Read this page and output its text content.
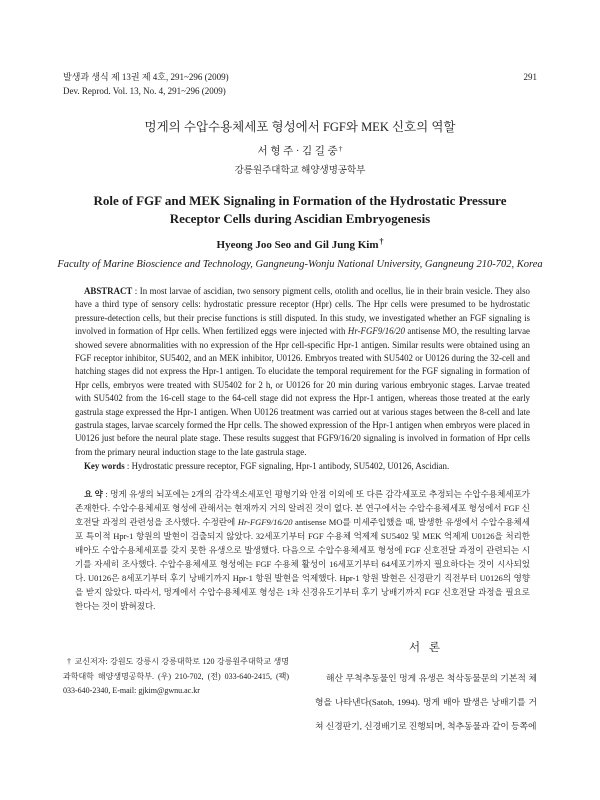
발생과 생식 제 13권 제 4호, 291~296 (2009)
Dev. Reprod. Vol. 13, No. 4, 291~296 (2009)
291
멍게의 수압수용체세포 형성에서 FGF와 MEK 신호의 역할
서 형 주 · 김 길 중†
강릉원주대학교 해양생명공학부
Role of FGF and MEK Signaling in Formation of the Hydrostatic Pressure
Receptor Cells during Ascidian Embryogenesis
Hyeong Joo Seo and Gil Jung Kim†
Faculty of Marine Bioscience and Technology, Gangneung-Wonju National University, Gangneung 210-702, Korea

ABSTRACT : In most larvae of ascidian, two sensory pigment cells, otolith and ocellus, lie in their brain vesicle. They also have a third type of sensory cells: hydrostatic pressure receptor (Hpr) cells. The Hpr cells were presumed to be hydrostatic pressure-detection cells, but their precise functions is still disputed. In this study, we investigated whether an FGF signaling is involved in formation of Hpr cells. When fertilized eggs were injected with Hr-FGF9/16/20 antisense MO, the resulting larvae showed severe abnormalities with no expression of the Hpr cell-specific Hpr-1 antigen. Similar results were obtained using an FGF receptor inhibitor, SU5402, and an MEK inhibitor, U0126. Embryos treated with SU5402 or U0126 during the 32-cell and hatching stages did not express the Hpr-1 antigen. To elucidate the temporal requirement for the FGF signaling in formation of Hpr cells, embryos were treated with SU5402 for 2 h, or U0126 for 20 min during various embryonic stages. Larvae treated with SU5402 from the 16-cell stage to the 64-cell stage did not express the Hpr-1 antigen, whereas those treated at the early gastrula stage expressed the Hpr-1 antigen. When U0126 treatment was carried out at various stages between the 8-cell and late gastrula stages, larvae scarcely formed the Hpr cells. The showed expression of the Hpr-1 antigen when embryos were placed in U0126 just before the neural plate stage. These results suggest that FGF9/16/20 signaling is involved in formation of Hpr cells from the primary neural induction stage to the late gastrula stage.

Key words : Hydrostatic pressure receptor, FGF signaling, Hpr-1 antibody, SU5402, U0126, Ascidian.

요 약 : 멍게 유생의 뇌포에는 2개의 감각색소세포인 평형기와 안점 이외에 또 다른 감각세포로 추정되는 수압수용체세포가 존재한다. 수압수용체세포 형성에 관해서는 현재까지 거의 알려진 것이 없다. 본 연구에서는 수압수용체세포 형성에서 FGF 신호전달 과정의 관련성을 조사했다. 수정란에 Hr-FGF9/16/20 antisense MO를 미세주입했을 때, 발생한 유생에서 수압수용체세포 특이적 Hpr-1 항원의 발현이 검출되지 않았다. 32세포기부터 FGF 수용체 억제제 SU5402 및 MEK 억제제 U0126을 처리한 배아도 수압수용체세포를 갖지 못한 유생으로 발생했다. 다음으로 수압수용체세포 형성에 FGF 신호전달 과정이 관련되는 시기를 자세히 조사했다. 수압수용체세포 형성에는 FGF 수용체 활성이 16세포기부터 64세포기까지 필요하다는 것이 시사되었다. U0126은 8세포기부터 후기 낭배기까지 Hpr-1 항원 발현을 억제했다. Hpr-1 항원 발현은 신경판기 직전부터 U0126의 영향을 받지 않았다. 따라서, 멍게에서 수압수용체세포 형성은 1차 신경유도기부터 후기 낭배기까지 FGF 신호전달 과정을 필요로 한다는 것이 밝혀졌다.

서 론

† 교신저자: 강원도 강릉시 강릉대학로 120 강릉원주대학교 생명과학대학 해양생명공학부. (우) 210-702, (전) 033-640-2415, (팩) 033-640-2340, E-mail: gjkim@gwnu.ac.kr

해산 무척추동물인 멍게 유생은 척삭동물문의 기본적 체형을 나타낸다(Satoh, 1994). 멍게 배아 발생은 낭배기를 거쳐 신경판기, 신경배기로 진행되며, 척추동물과 같이 등쪽에
